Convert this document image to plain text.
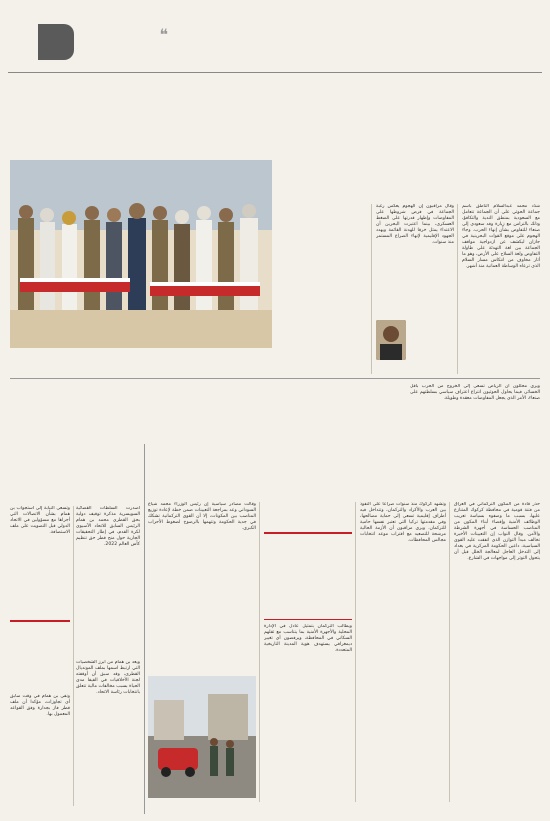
❝
شدّد محمد عبدالسلام الناطق باسم جماعة الحوثي على أن الجماعة تتعامل مع السعودية بمنطق الندية والتكافؤ، وذلك بالتزامن مع زيارة وفد سعودي إلى صنعاء للتفاوض بشأن إنهاء الحرب. وجاء الهجوم على موقع القوات البحرينية في جازان ليكشف عن ازدواجية مواقف الجماعة بين لغة التهدئة على طاولة التفاوض ولغة السلاح على الأرض، وهو ما أثار مخاوف من انتكاس مسار السلام الذي ترعاه الوساطة العمانية منذ أشهر.
وقال مراقبون إن الهجوم يعكس رغبة الجماعة في فرض شروطها على المفاوضات وإظهار قدرتها على الضغط العسكري، بينما اعتبرت البحرين أن الاعتداء يمثل خرقا للهدنة القائمة ويهدد الجهود الإقليمية لإنهاء الصراع المستمر منذ سنوات.
ويرى محللون أن الرياض تسعى إلى الخروج من الحرب بأقل الخسائر، فيما يحاول الحوثيون انتزاع اعتراف سياسي بسلطتهم على صنعاء، الأمر الذي يجعل المفاوضات معقدة وطويلة.
حذّر قادة من المكون التركماني في العراق من فتنة قومية في محافظة كركوك المتنازع عليها، بسبب ما وصفوه بسياسة تعريب الوظائف الأمنية وإقصاء أبناء المكون من المناصب الحساسة في أجهزة الشرطة والأمن. وقال النواب إن التعيينات الأخيرة تخالف مبدأ التوازن الذي اتفقت عليه القوى السياسية، داعين الحكومة المركزية في بغداد إلى التدخل العاجل لمعالجة الخلل قبل أن يتحول التوتر إلى مواجهات في الشارع.
وتشهد كركوك منذ سنوات صراعا على النفوذ بين العرب والأكراد والتركمان، وتتداخل فيه أطراف إقليمية تسعى إلى حماية مصالحها، وفي مقدمتها تركيا التي تعتبر نفسها حامية للتركمان. ويرى مراقبون أن الأزمة الحالية مرشحة للتصعيد مع اقتراب موعد انتخابات مجالس المحافظات.
ويطالب التركمان بتمثيل عادل في الإدارة المحلية والأجهزة الأمنية بما يتناسب مع ثقلهم السكاني في المحافظة، ويرفضون أي تغيير ديمغرافي يستهدف هوية المدينة التاريخية المتعددة.
وقالت مصادر سياسية إن رئيس الوزراء محمد شياع السوداني وعد بمراجعة التعيينات ضمن خطة لإعادة توزيع المناصب بين المكونات، إلا أن القوى التركمانية تشكك في جدية الحكومة وتتهمها بالرضوخ لضغوط الأحزاب الكبرى.
أصدرت السلطات القضائية السويسرية مذكرة توقيف دولية بحق القطري محمد بن همام الرئيس السابق للاتحاد الآسيوي لكرة القدم، في إطار التحقيقات الجارية حول منح قطر حق تنظيم كأس العالم 2022.
وتسعى النيابة إلى استجواب بن همام بشأن الاتصالات التي أجراها مع مسؤولين في الاتحاد الدولي قبل التصويت على ملف الاستضافة.
ونفى بن همام في وقت سابق أي تجاوزات، مؤكدا أن ملف قطر فاز بجدارة وفق القواعد المعمول بها.
ويعد بن همام من أبرز الشخصيات التي ارتبط اسمها بملف المونديال القطري، وقد سبق أن أوقفته لجنة الأخلاقيات في الفيفا مدى الحياة بسبب مخالفات مالية تتعلق بانتخابات رئاسة الاتحاد.
